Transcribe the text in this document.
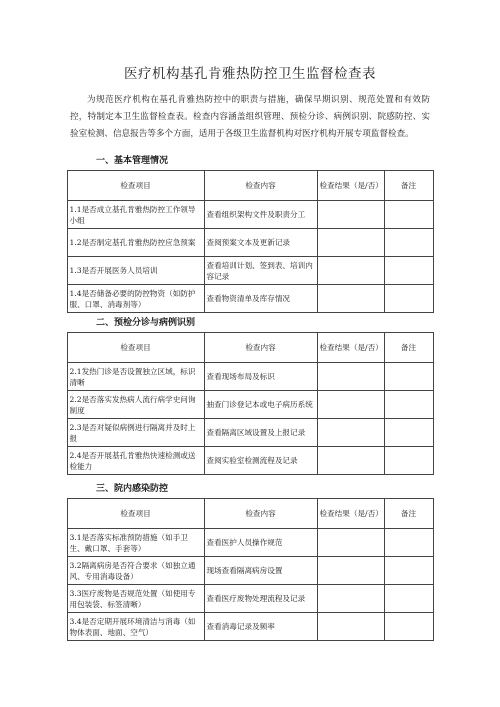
医疗机构基孔肯雅热防控卫生监督检查表

为规范医疗机构在基孔肯雅热防控中的职责与措施，确保早期识别、规范处置和有效防控，特制定本卫生监督检查表。检查内容涵盖组织管理、预检分诊、病例识别、院感防控、实验室检测、信息报告等多个方面，适用于各级卫生监督机构对医疗机构开展专项监督检查。

一、基本管理情况
检查项目	检查内容	检查结果（是/否）	备注
1.1是否成立基孔肯雅热防控工作领导小组	查看组织架构文件及职责分工		
1.2是否制定基孔肯雅热防控应急预案	查阅预案文本及更新记录		
1.3是否开展医务人员培训	查看培训计划、签到表、培训内容记录		
1.4是否储备必要的防控物资（如防护服、口罩、消毒剂等）	查看物资清单及库存情况		
二、预检分诊与病例识别
检查项目	检查内容	检查结果（是/否）	备注
2.1发热门诊是否设置独立区域，标识清晰	查看现场布局及标识		
2.2是否落实发热病人流行病学史问询制度	抽查门诊登记本或电子病历系统		
2.3是否对疑似病例进行隔离并及时上报	查看隔离区域设置及上报记录		
2.4是否开展基孔肯雅热快速检测或送检能力	查阅实验室检测流程及记录		
三、院内感染防控
检查项目	检查内容	检查结果（是/否）	备注
3.1是否落实标准预防措施（如手卫生、戴口罩、手套等）	查看医护人员操作规范		
3.2隔离病房是否符合要求（如独立通风、专用消毒设备）	现场查看隔离病房设置		
3.3医疗废物是否规范处置（如使用专用包装袋、标签清晰）	查看医疗废物处理流程及记录		
3.4是否定期开展环境清洁与消毒（如物体表面、地面、空气）	查看消毒记录及频率		
